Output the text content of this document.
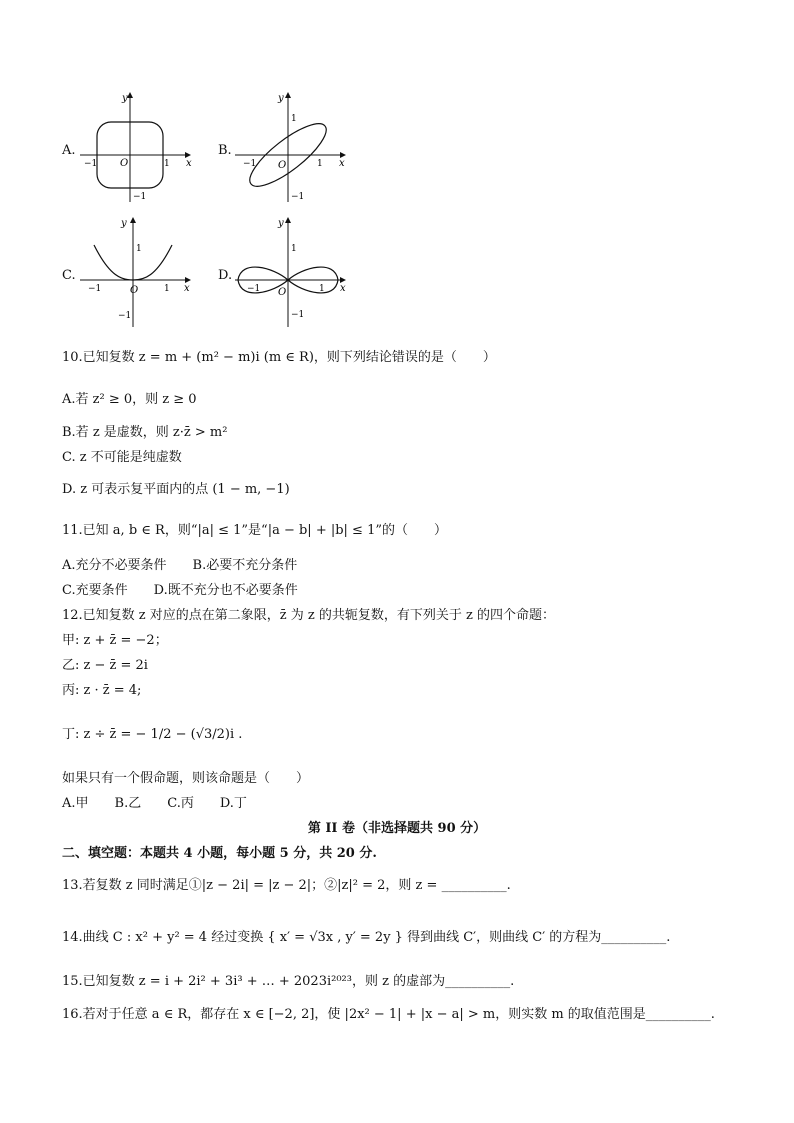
A.
y
x
O
−1	1
−1
B.
y
x
O
−1	1
1
−1
C.
y
x
O
−1	1
1
−1
D.
y
x
O
−1	1
1
−1
10.已知复数 z = m + (m² − m)i (m ∈ R)，则下列结论错误的是（　　）
A.若 z² ≥ 0，则 z ≥ 0
B.若 z 是虚数，则 z·z̄ > m²
C. z 不可能是纯虚数
D. z 可表示复平面内的点 (1 − m, −1)
11.已知 a, b ∈ R，则“|a| ≤ 1”是“|a − b| + |b| ≤ 1”的（　　）
A.充分不必要条件　　B.必要不充分条件
C.充要条件　　D.既不充分也不必要条件
12.已知复数 z 对应的点在第二象限，z̄ 为 z 的共轭复数，有下列关于 z 的四个命题：
甲: z + z̄ = −2；
乙: z − z̄ = 2i
丙: z · z̄ = 4;
丁: z ÷ z̄ = − 1/2 − (√3/2)i .
如果只有一个假命题，则该命题是（　　）
A.甲　　B.乙　　C.丙　　D.丁
第 II 卷（非选择题共 90 分）
二、填空题：本题共 4 小题，每小题 5 分，共 20 分.
13.若复数 z 同时满足①|z − 2i| = |z − 2|；②|z|² = 2，则 z = __________.
14.曲线 C : x² + y² = 4 经过变换 { x′ = √3x , y′ = 2y } 得到曲线 C′，则曲线 C′ 的方程为__________.
15.已知复数 z = i + 2i² + 3i³ + … + 2023i²⁰²³，则 z 的虚部为__________.
16.若对于任意 a ∈ R，都存在 x ∈ [−2, 2]，使 |2x² − 1| + |x − a| > m，则实数 m 的取值范围是__________.
